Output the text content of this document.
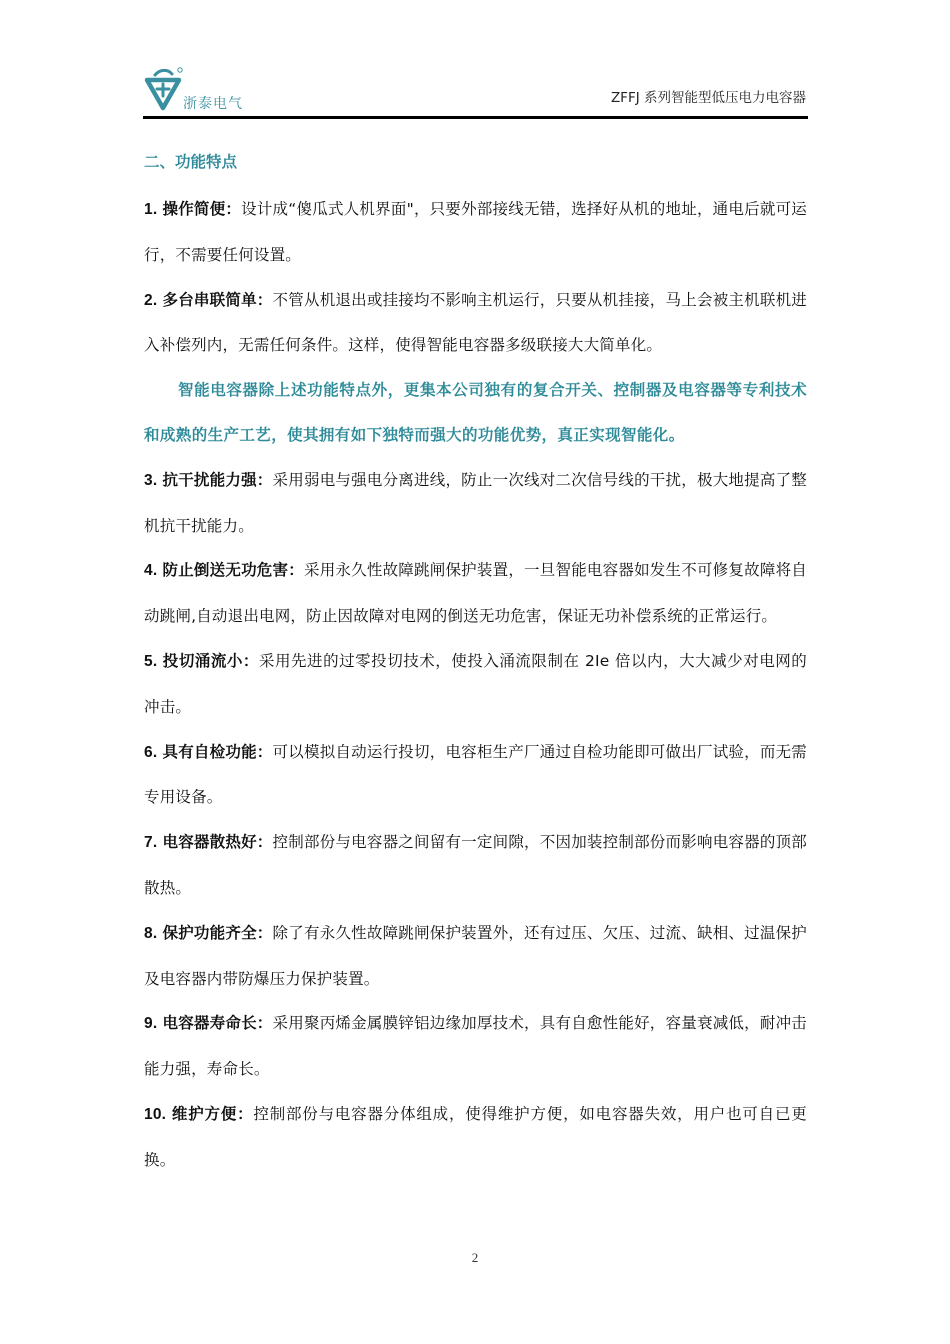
浙泰电气	ZFFJ 系列智能型低压电力电容器
二、功能特点

1. 操作简便：设计成“傻瓜式人机界面"，只要外部接线无错，选择好从机的地址，通电后就可运行，不需要任何设置。

2. 多台串联简单：不管从机退出或挂接均不影响主机运行，只要从机挂接，马上会被主机联机进入补偿列内，无需任何条件。这样，使得智能电容器多级联接大大简单化。

智能电容器除上述功能特点外，更集本公司独有的复合开关、控制器及电容器等专利技术和成熟的生产工艺，使其拥有如下独特而强大的功能优势，真正实现智能化。

3. 抗干扰能力强：采用弱电与强电分离进线，防止一次线对二次信号线的干扰，极大地提高了整机抗干扰能力。

4. 防止倒送无功危害：采用永久性故障跳闸保护装置，一旦智能电容器如发生不可修复故障将自动跳闸,自动退出电网，防止因故障对电网的倒送无功危害，保证无功补偿系统的正常运行。

5. 投切涌流小：采用先进的过零投切技术，使投入涌流限制在 2Ie 倍以内，大大减少对电网的冲击。

6. 具有自检功能：可以模拟自动运行投切，电容柜生产厂通过自检功能即可做出厂试验，而无需专用设备。

7. 电容器散热好：控制部份与电容器之间留有一定间隙，不因加装控制部份而影响电容器的顶部散热。

8. 保护功能齐全：除了有永久性故障跳闸保护装置外，还有过压、欠压、过流、缺相、过温保护及电容器内带防爆压力保护装置。

9. 电容器寿命长：采用聚丙烯金属膜锌铝边缘加厚技术，具有自愈性能好，容量衰减低，耐冲击能力强，寿命长。

10. 维护方便：控制部份与电容器分体组成，使得维护方便，如电容器失效，用户也可自已更换。

2
